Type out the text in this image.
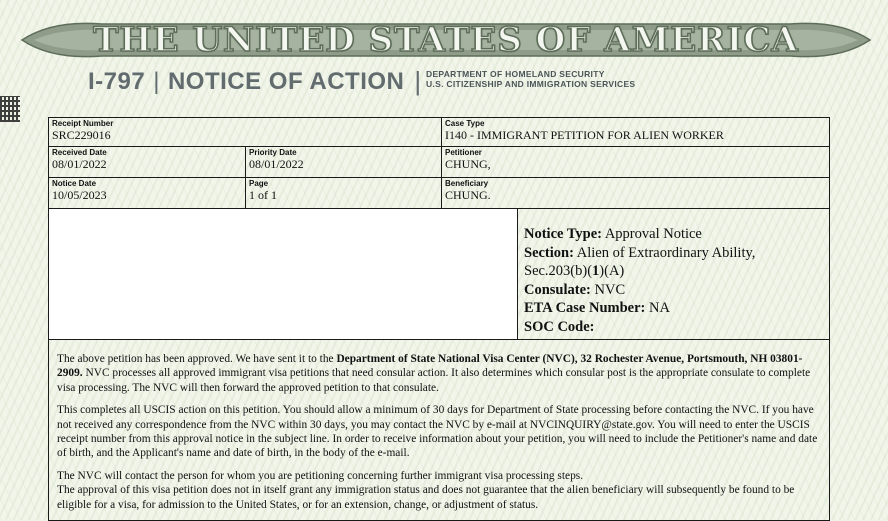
THE UNITED STATES OF AMERICA
I-797 | NOTICE OF ACTION | DEPARTMENT OF HOMELAND SECURITY
U.S. CITIZENSHIP AND IMMIGRATION SERVICES
Receipt Number
SRC229016
Case Type
I140 - IMMIGRANT PETITION FOR ALIEN WORKER
Received Date
08/01/2022
Priority Date
08/01/2022
Petitioner
CHUNG,
Notice Date
10/05/2023
Page
1 of 1
Beneficiary
CHUNG.
Notice Type: Approval Notice
Section: Alien of Extraordinary Ability,
Sec.203(b)(1)(A)
Consulate: NVC
ETA Case Number: NA
SOC Code:

The above petition has been approved. We have sent it to the Department of State National Visa Center (NVC), 32 Rochester Avenue, Portsmouth, NH 03801-2909. NVC processes all approved immigrant visa petitions that need consular action. It also determines which consular post is the appropriate consulate to complete visa processing. The NVC will then forward the approved petition to that consulate.

This completes all USCIS action on this petition. You should allow a minimum of 30 days for Department of State processing before contacting the NVC. If you have not received any correspondence from the NVC within 30 days, you may contact the NVC by e-mail at NVCINQUIRY@state.gov. You will need to enter the USCIS receipt number from this approval notice in the subject line. In order to receive information about your petition, you will need to include the Petitioner's name and date of birth, and the Applicant's name and date of birth, in the body of the e-mail.

The NVC will contact the person for whom you are petitioning concerning further immigrant visa processing steps.
The approval of this visa petition does not in itself grant any immigration status and does not guarantee that the alien beneficiary will subsequently be found to be eligible for a visa, for admission to the United States, or for an extension, change, or adjustment of status.
